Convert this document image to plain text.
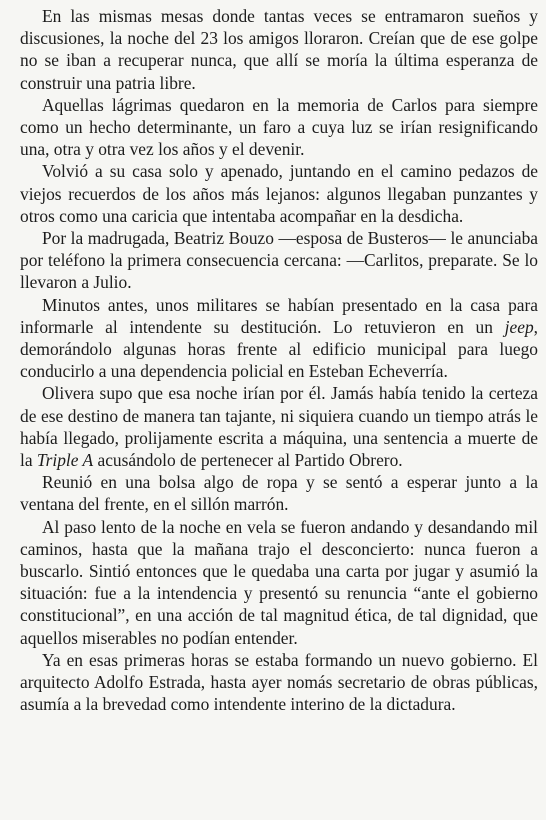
En las mismas mesas donde tantas veces se entramaron sueños y discusiones, la noche del 23 los amigos lloraron. Creían que de ese golpe no se iban a recuperar nunca, que allí se moría la última esperanza de construir una patria libre.

Aquellas lágrimas quedaron en la memoria de Carlos para siempre como un hecho determinante, un faro a cuya luz se irían resignificando una, otra y otra vez los años y el devenir.

Volvió a su casa solo y apenado, juntando en el camino pedazos de viejos recuerdos de los años más lejanos: algunos llegaban punzantes y otros como una caricia que intentaba acompañar en la desdicha.

Por la madrugada, Beatriz Bouzo —esposa de Busteros— le anunciaba por teléfono la primera consecuencia cercana: —Carlitos, preparate. Se lo llevaron a Julio.

Minutos antes, unos militares se habían presentado en la casa para informarle al intendente su destitución. Lo retuvieron en un jeep, demorándolo algunas horas frente al edificio municipal para luego conducirlo a una dependencia policial en Esteban Echeverría.

Olivera supo que esa noche irían por él. Jamás había tenido la certeza de ese destino de manera tan tajante, ni siquiera cuando un tiempo atrás le había llegado, prolijamente escrita a máquina, una sentencia a muerte de la Triple A acusándolo de pertenecer al Partido Obrero.

Reunió en una bolsa algo de ropa y se sentó a esperar junto a la ventana del frente, en el sillón marrón.

Al paso lento de la noche en vela se fueron andando y desandando mil caminos, hasta que la mañana trajo el desconcierto: nunca fueron a buscarlo. Sintió entonces que le quedaba una carta por jugar y asumió la situación: fue a la intendencia y presentó su renuncia “ante el gobierno constitucional”, en una acción de tal magnitud ética, de tal dignidad, que aquellos miserables no podían entender.

Ya en esas primeras horas se estaba formando un nuevo gobierno. El arquitecto Adolfo Estrada, hasta ayer nomás secretario de obras públicas, asumía a la brevedad como intendente interino de la dictadura.
